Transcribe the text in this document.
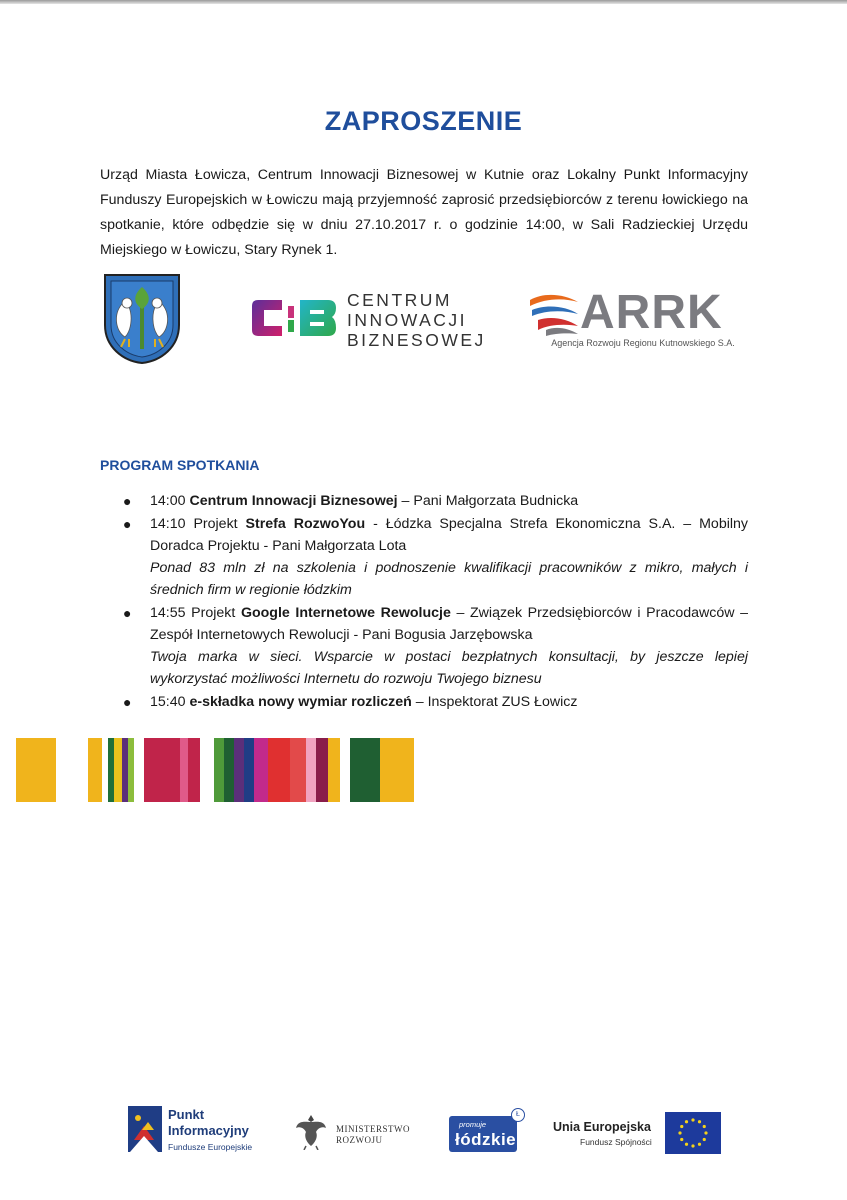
ZAPROSZENIE
Urząd Miasta Łowicza, Centrum Innowacji Biznesowej w Kutnie oraz Lokalny Punkt Informacyjny
Funduszy Europejskich w Łowiczu mają przyjemność zaprosić przedsiębiorców z terenu łowickiego na
spotkanie, które odbędzie się w dniu 27.10.2017 r. o godzinie 14:00, w Sali Radzieckiej Urzędu
Miejskiego w Łowiczu, Stary Rynek 1.
CENTRUM
INNOWACJI
BIZNESOWEJ
ARRK
Agencja Rozwoju Regionu Kutnowskiego S.A.
PROGRAM SPOTKANIA
● 14:00 Centrum Innowacji Biznesowej – Pani Małgorzata Budnicka
● 14:10 Projekt Strefa RozwoYou - Łódzka Specjalna Strefa Ekonomiczna S.A. – Mobilny
Doradca Projektu - Pani Małgorzata Lota
Ponad 83 mln zł na szkolenia i podnoszenie kwalifikacji pracowników z mikro, małych i
średnich firm w regionie łódzkim
● 14:55 Projekt Google Internetowe Rewolucje – Związek Przedsiębiorców i Pracodawców –
Zespół Internetowych Rewolucji - Pani Bogusia Jarzębowska
Twoja marka w sieci. Wsparcie w postaci bezpłatnych konsultacji, by jeszcze lepiej
wykorzystać możliwości Internetu do rozwoju Twojego biznesu
● 15:40 e-składka nowy wymiar rozliczeń – Inspektorat ZUS Łowicz
Punkt
Informacyjny
Fundusze Europejskie
MINISTERSTWO
ROZWOJU
promuje
łódzkie
Ł
Unia Europejska
Fundusz Spójności
